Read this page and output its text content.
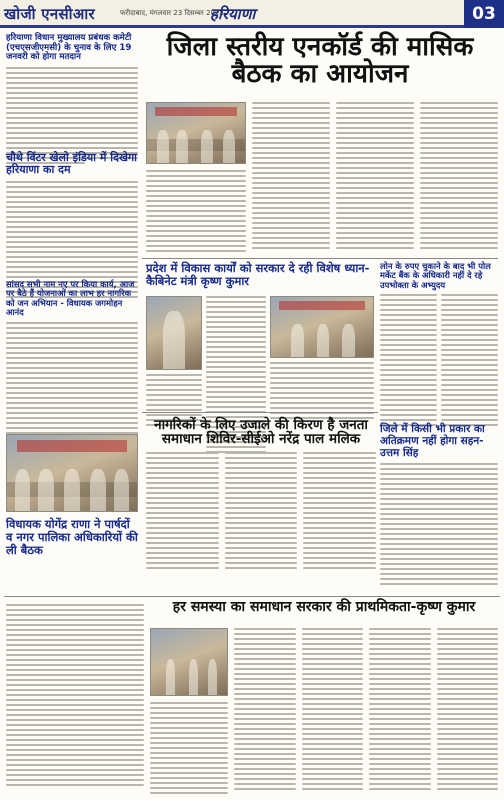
खोजी एनसीआर	फरीदाबाद, मंगलवार 23 दिसम्बर 2025
हरियाणा	03
हरियाणा विधान मुख्यालय प्रबंधक कमेटी (एचएसजीएमसी) के चुनाव के लिए 19 जनवरी को होगा मतदान	जिला स्तरीय एनकॉर्ड की मासिक बैठक का आयोजन
चौथे विंटर खेलो इंडिया में दिखेगा हरियाणा का दम
प्रदेश में विकास कार्यों को सरकार दे रही विशेष ध्यान- कैबिनेट मंत्री कृष्ण कुमार
लोन के रुपए चुकाने के बाद भी पोल मर्केट बैंक के अधिकारी नहीं दे रहे उपभोक्ता के अभ्युदय
सांसद सभी नाम नए पर किया कार्य, आज पर बैठे हैं योजनाओं का लाभ हर नागरिक को जन अभियान - विधायक जगमोहन आनंद
नागरिकों के लिए उजाले की किरण है जनता समाधान शिविर-सीईओ नरेंद्र पाल मलिक
जिले में किसी भी प्रकार का अतिक्रमण नहीं होगा सहन- उत्तम सिंह
विधायक योगेंद्र राणा ने पार्षदों व नगर पालिका अधिकारियों की ली बैठक
हर समस्या का समाधान सरकार की प्राथमिकता-कृष्ण कुमार
